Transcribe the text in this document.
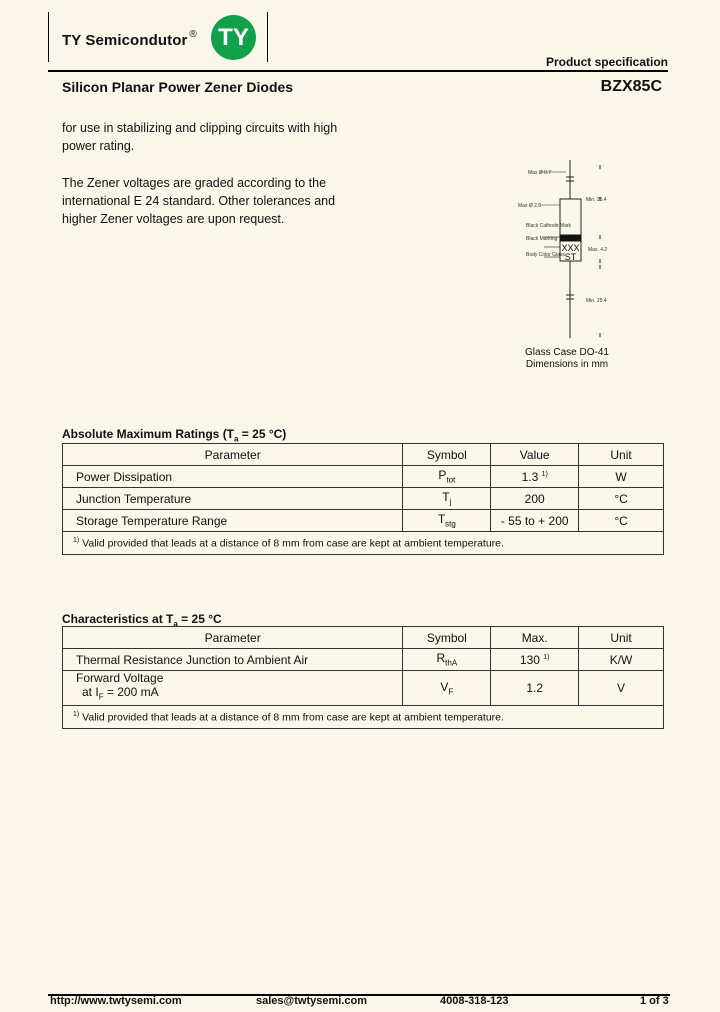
TY Semicondutor ® TY
Product specification
Silicon Planar Power Zener Diodes	BZX85C
for use in stabilizing and clipping circuits with high
power rating.
The Zener voltages are graded according to the
international E 24 standard. Other tolerances and
higher Zener voltages are upon request.
Max Ø 0.7
Max Ø 2.6
Min. 25.4
Black Cathode Mark
Black Marking
Body Color Glass
Max. 4.2
Min. 25.4
XXX
ST
Glass Case DO-41
Dimensions in mm
Absolute Maximum Ratings ($T_a = 25$ °C)
Parameter	Symbol	Value	Unit
Power Dissipation	$P_{tot}$	1.3 $^{1)}$	W
Junction Temperature	$T_j$	200	°C
Storage Temperature Range	$T_{stg}$	- 55 to + 200	°C
$^{1)}$ Valid provided that leads at a distance of 8 mm from case are kept at ambient temperature.			
Characteristics at $T_a = 25$ °C
Parameter	Symbol	Max.	Unit
Thermal Resistance Junction to Ambient Air	$R_{thA}$	130 $^{1)}$	K/W

Forward Voltage
at $I_F = 200$ mA	$V_F$	1.2	V
$^{1)}$ Valid provided that leads at a distance of 8 mm from case are kept at ambient temperature.			
http://www.twtysemi.com	sales@twtysemi.com	4008-318-123	1 of 3
